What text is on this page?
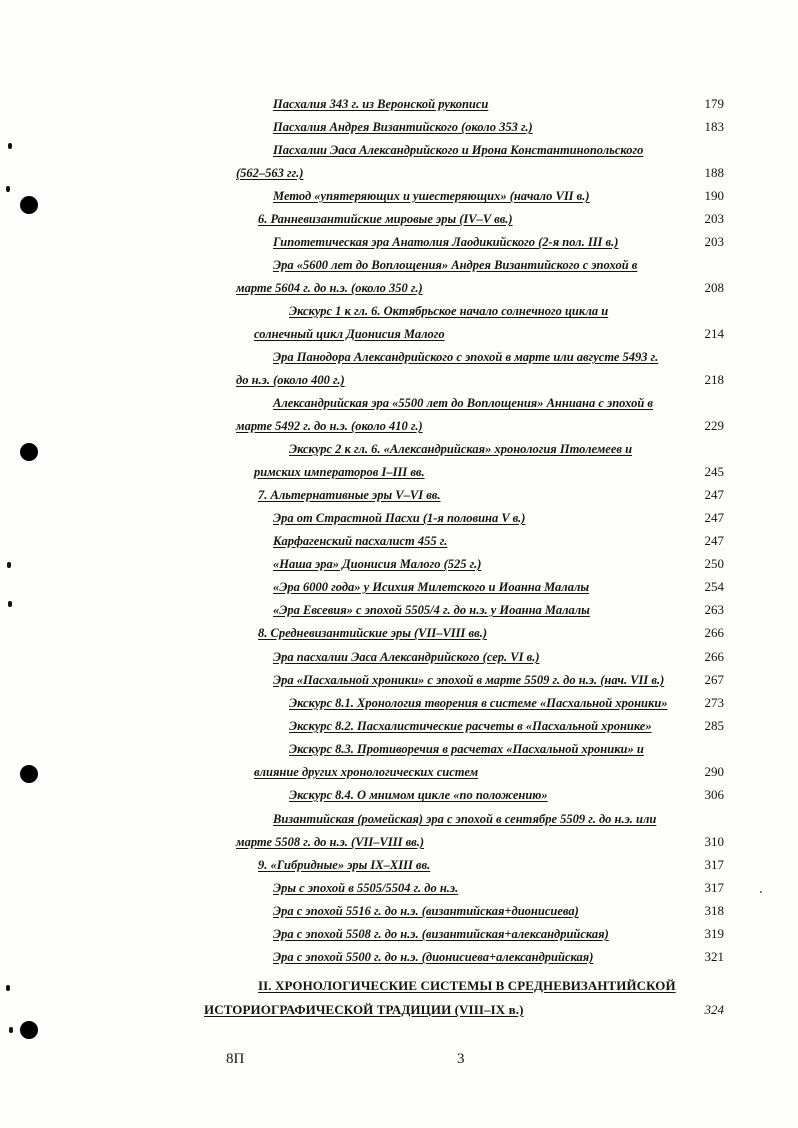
Пасхалия 343 г. из Веронской рукописи	179
Пасхалия Андрея Византийского (около 353 г.)	183
Пасхалии Эаса Александрийского и Ирона Константинопольского
(562–563 гг.)	188
Метод «упятеряющих и ушестеряющих» (начало VII в.)	190
6. Ранневизантийские мировые эры (IV–V вв.)	203
Гипотетическая эра Анатолия Лаодикийского (2-я пол. III в.)	203
Эра «5600 лет до Воплощения» Андрея Византийского с эпохой в
марте 5604 г. до н.э. (около 350 г.)	208
Экскурс 1 к гл. 6. Октябрьское начало солнечного цикла и
солнечный цикл Дионисия Малого	214
Эра Панодора Александрийского с эпохой в марте или августе 5493 г.
до н.э. (около 400 г.)	218
Александрийская эра «5500 лет до Воплощения» Анниана с эпохой в
марте 5492 г. до н.э. (около 410 г.)	229
Экскурс 2 к гл. 6. «Александрийская» хронология Птолемеев и
римских императоров I–III вв.	245
7. Альтернативные эры V–VI вв.	247
Эра от Страстной Пасхи (1-я половина V в.)	247
Карфагенский пасхалист 455 г.	247
«Наша эра» Дионисия Малого (525 г.)	250
«Эра 6000 года» у Исихия Милетского и Иоанна Малалы	254
«Эра Евсевия» с эпохой 5505/4 г. до н.э. у Иоанна Малалы	263
8. Средневизантийские эры (VII–VIII вв.)	266
Эра пасхалии Эаса Александрийского (сер. VI в.)	266
Эра «Пасхальной хроники» с эпохой в марте 5509 г. до н.э. (нач. VII в.)	267
Экскурс 8.1. Хронология творения в системе «Пасхальной хроники»	273
Экскурс 8.2. Пасхалистические расчеты в «Пасхальной хронике»	285
Экскурс 8.3. Противоречия в расчетах «Пасхальной хроники» и
влияние других хронологических систем	290
Экскурс 8.4. О мнимом цикле «по положению»	306
Византийская (ромейская) эра с эпохой в сентябре 5509 г. до н.э. или
марте 5508 г. до н.э. (VII–VIII вв.)	310
9. «Гибридные» эры IX–XIII вв.	317
Эры с эпохой в 5505/5504 г. до н.э.	317
Эра с эпохой 5516 г. до н.э. (византийская+дионисиева)	318
Эра с эпохой 5508 г. до н.э. (византийская+александрийская)	319
Эра с эпохой 5500 г. до н.э. (дионисиева+александрийская)	321
II. ХРОНОЛОГИЧЕСКИЕ СИСТЕМЫ В СРЕДНЕВИЗАНТИЙСКОЙ
ИСТОРИОГРАФИЧЕСКОЙ ТРАДИЦИИ (VIII–IX в.)	324
8П	3
